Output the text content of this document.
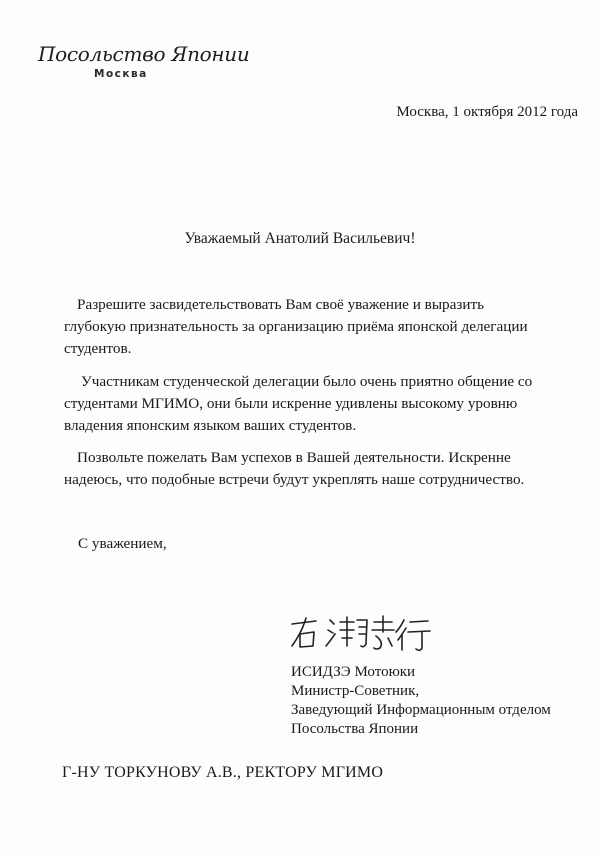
Посольство Японии
Москва
Москва, 1 октября 2012 года
Уважаемый Анатолий Васильевич!
Разрешите засвидетельствовать Вам своё уважение и выразить
глубокую признательность за организацию приёма японской делегации
студентов.
Участникам студенческой делегации было очень приятно общение со
студентами МГИМО, они были искренне удивлены высокому уровню
владения японским языком ваших студентов.
Позвольте пожелать Вам успехов в Вашей деятельности. Искренне
надеюсь, что подобные встречи будут укреплять наше сотрудничество.
С уважением,
ИСИДЗЭ Мотоюки
Министр-Советник,
Заведующий Информационным отделом
Посольства Японии
Г-НУ ТОРКУНОВУ А.В., РЕКТОРУ МГИМО
